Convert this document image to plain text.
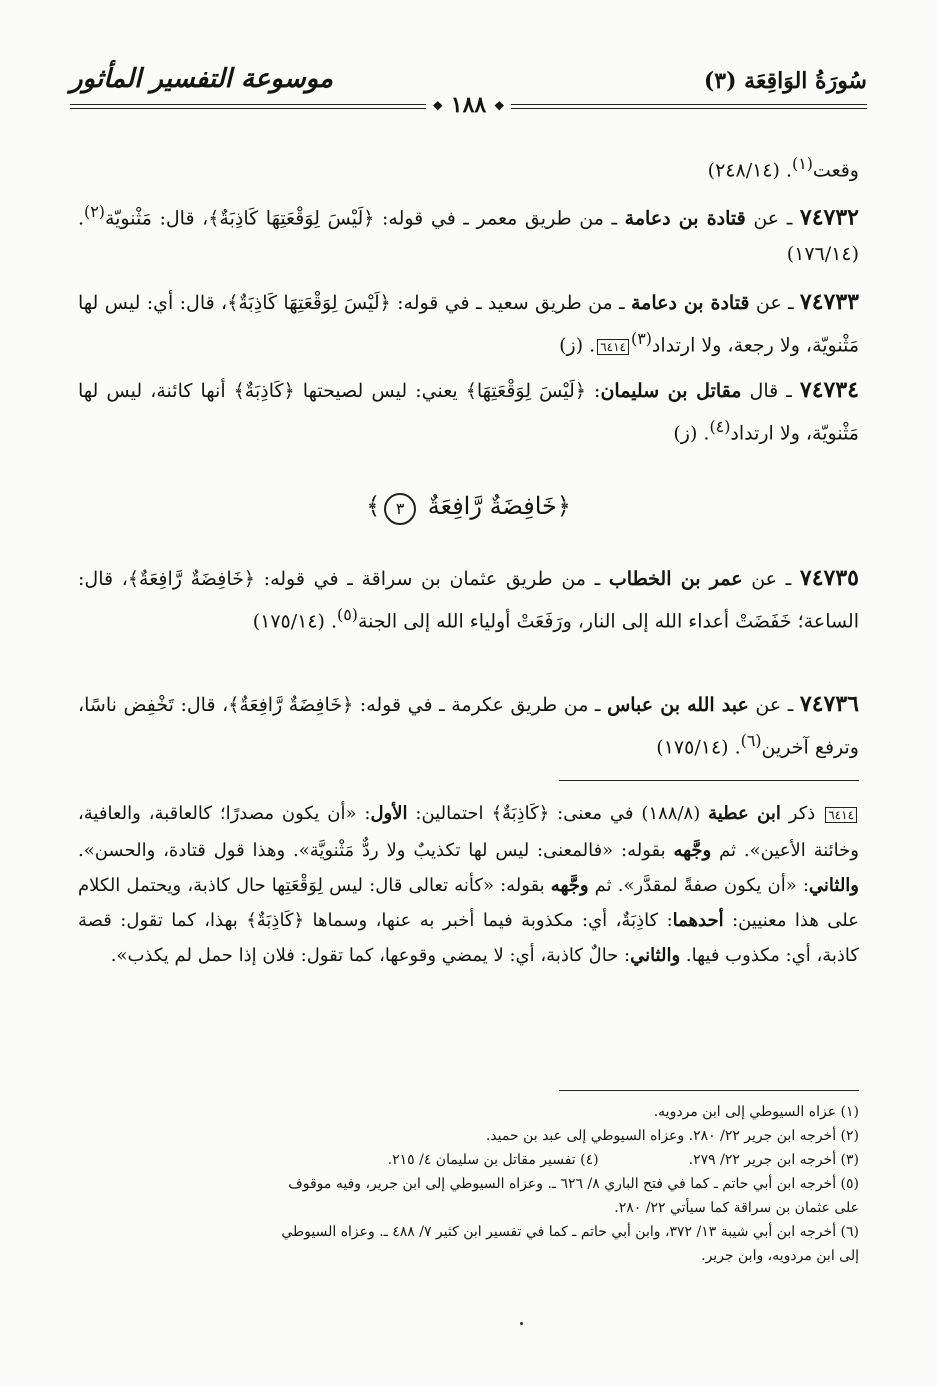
سُورَةُ الوَاقِعَة (٣)
موسوعة التفسير المأثور
❖ ١٨٨ ❖
وقعت$^{(١)}$. (٢٤٨/١٤)
٧٤٧٣٢ ـ عن قتادة بن دعامة ـ من طريق معمر ـ في قوله: ﴿لَيْسَ لِوَقْعَتِهَا كَاذِبَةٌ﴾، قال: مَثْنويّة$^{(٢)}$. (١٧٦/١٤)
٧٤٧٣٣ ـ عن قتادة بن دعامة ـ من طريق سعيد ـ في قوله: ﴿لَيْسَ لِوَقْعَتِهَا كَاذِبَةٌ﴾، قال: أي: ليس لها مَثْنويّة، ولا رجعة، ولا ارتداد$^{(٣)}$٦٤١٤. (ز)
٧٤٧٣٤ ـ قال مقاتل بن سليمان: ﴿لَيْسَ لِوَقْعَتِهَا﴾ يعني: ليس لصيحتها ﴿كَاذِبَةٌ﴾ أنها كائنة، ليس لها مَثْنويّة، ولا ارتداد$^{(٤)}$. (ز)
﴿خَافِضَةٌ رَّافِعَةٌ ٣﴾
٧٤٧٣٥ ـ عن عمر بن الخطاب ـ من طريق عثمان بن سراقة ـ في قوله: ﴿خَافِضَةٌ رَّافِعَةٌ﴾، قال: الساعة؛ خَفَضَتْ أعداء الله إلى النار، ورَفَعَتْ أولياء الله إلى الجنة$^{(٥)}$. (١٧٥/١٤)
٧٤٧٣٦ ـ عن عبد الله بن عباس ـ من طريق عكرمة ـ في قوله: ﴿خَافِضَةٌ رَّافِعَةٌ﴾، قال: تَخْفِض ناسًا، وترفع آخرين$^{(٦)}$. (١٧٥/١٤)
٦٤١٤ ذكر ابن عطية (١٨٨/٨) في معنى: ﴿كَاذِبَةٌ﴾ احتمالين: الأول: «أن يكون مصدرًا؛ كالعاقبة، والعافية، وخائنة الأعين». ثم وجَّهه بقوله: «فالمعنى: ليس لها تكذيبٌ ولا ردٌّ مَثْنويَّة». وهذا قول قتادة، والحسن». والثاني: «أن يكون صفةً لمقدَّر». ثم وجَّهه بقوله: «كأنه تعالى قال: ليس لِوَقْعَتِها حال كاذبة، ويحتمل الكلام على هذا معنيين: أحدهما: كاذِبَةٌ، أي: مكذوبة فيما أخبر به عنها، وسماها ﴿كَاذِبَةٌ﴾ بهذا، كما تقول: قصة كاذبة، أي: مكذوب فيها. والثاني: حالٌ كاذبة، أي: لا يمضي وقوعها، كما تقول: فلان إذا حمل لم يكذب».
(١) عزاه السيوطي إلى ابن مردويه.
(٢) أخرجه ابن جرير ٢٢/ ٢٨٠. وعزاه السيوطي إلى عبد بن حميد.
(٣) أخرجه ابن جرير ٢٢/ ٢٧٩.
(٤) تفسير مقاتل بن سليمان ٤/ ٢١٥.
(٥) أخرجه ابن أبي حاتم ـ كما في فتح الباري ٨/ ٦٢٦ ـ. وعزاه السيوطي إلى ابن جرير، وفيه موقوف
على عثمان بن سراقة كما سيأتي ٢٢/ ٢٨٠.
(٦) أخرجه ابن أبي شيبة ١٣/ ٣٧٢، وابن أبي حاتم ـ كما في تفسير ابن كثير ٧/ ٤٨٨ ـ. وعزاه السيوطي
إلى ابن مردويه، وابن جرير.
